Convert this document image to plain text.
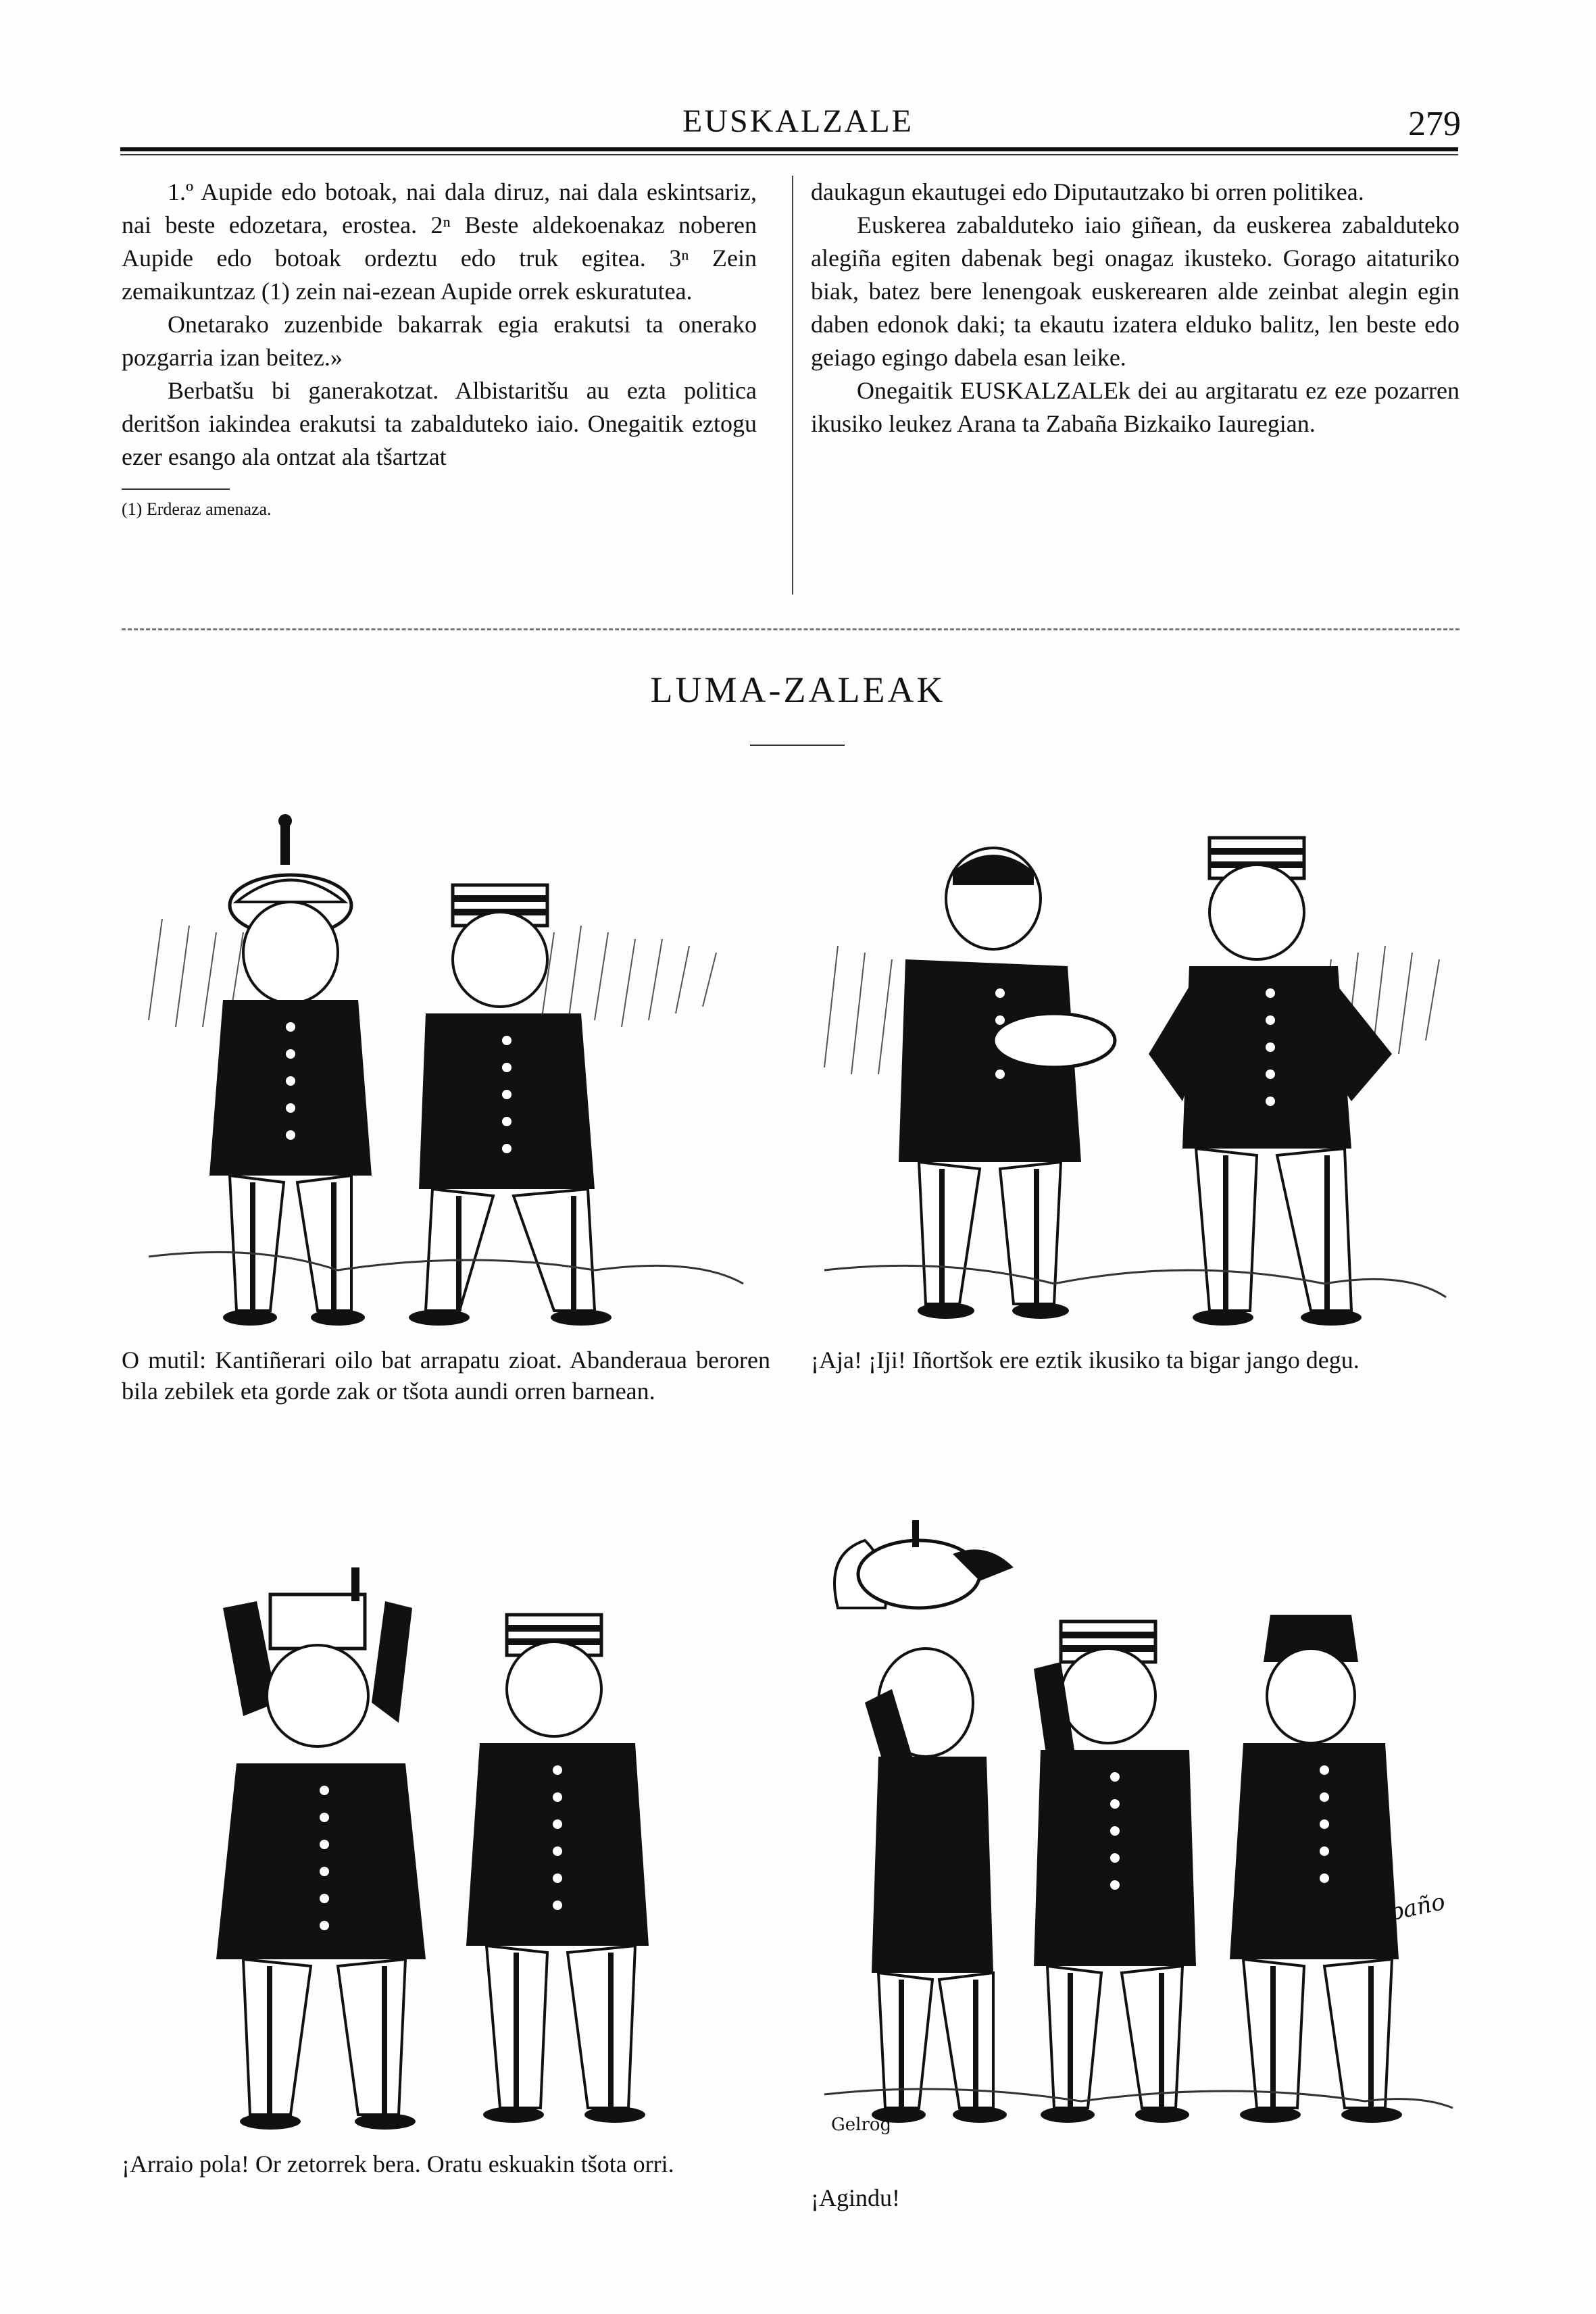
EUSKALZALE	279

1.º Aupide edo botoak, nai dala diruz, nai dala eskintsariz, nai beste edozetara, erostea. 2ⁿ Beste aldekoenakaz noberen Aupide edo botoak ordeztu edo truk egitea. 3ⁿ Zein zemaikuntzaz (1) zein nai-ezean Aupide orrek eskuratutea.

Onetarako zuzenbide bakarrak egia erakutsi ta onerako pozgarria izan beitez.»

Berbatšu bi ganerakotzat. Albistaritšu au ezta politica deritšon iakindea erakutsi ta zabalduteko iaio. Onegaitik eztogu ezer esango ala ontzat ala tšartzat

(1) Erderaz amenaza.

daukagun ekautugei edo Diputautzako bi orren politikea.

Euskerea zabalduteko iaio giñean, da euskerea zabalduteko alegiña egiten dabenak begi onagaz ikusteko. Gorago aitaturiko biak, batez bere lenengoak euskerearen alde zeinbat alegin egin daben edonok daki; ta ekautu izatera elduko balitz, len beste edo geiago egingo dabela esan leike.

Onegaitik EUSKALZALEk dei au argitaratu ez eze pozarren ikusiko leukez Arana ta Zabaña Bizkaiko Iauregian.

LUMA-ZALEAK

O mutil: Kantiñerari oilo bat arrapatu zioat. Abanderaua beroren bila zebilek eta gorde zak or tšota aundi orren barnean.

¡Aja! ¡Iji! Iñortšok ere eztik ikusiko ta bigar jango degu.

¡Arraio pola! Or zetorrek bera. Oratu eskuakin tšota orri.

Xanpaño
Gelrog

¡Agindu!
